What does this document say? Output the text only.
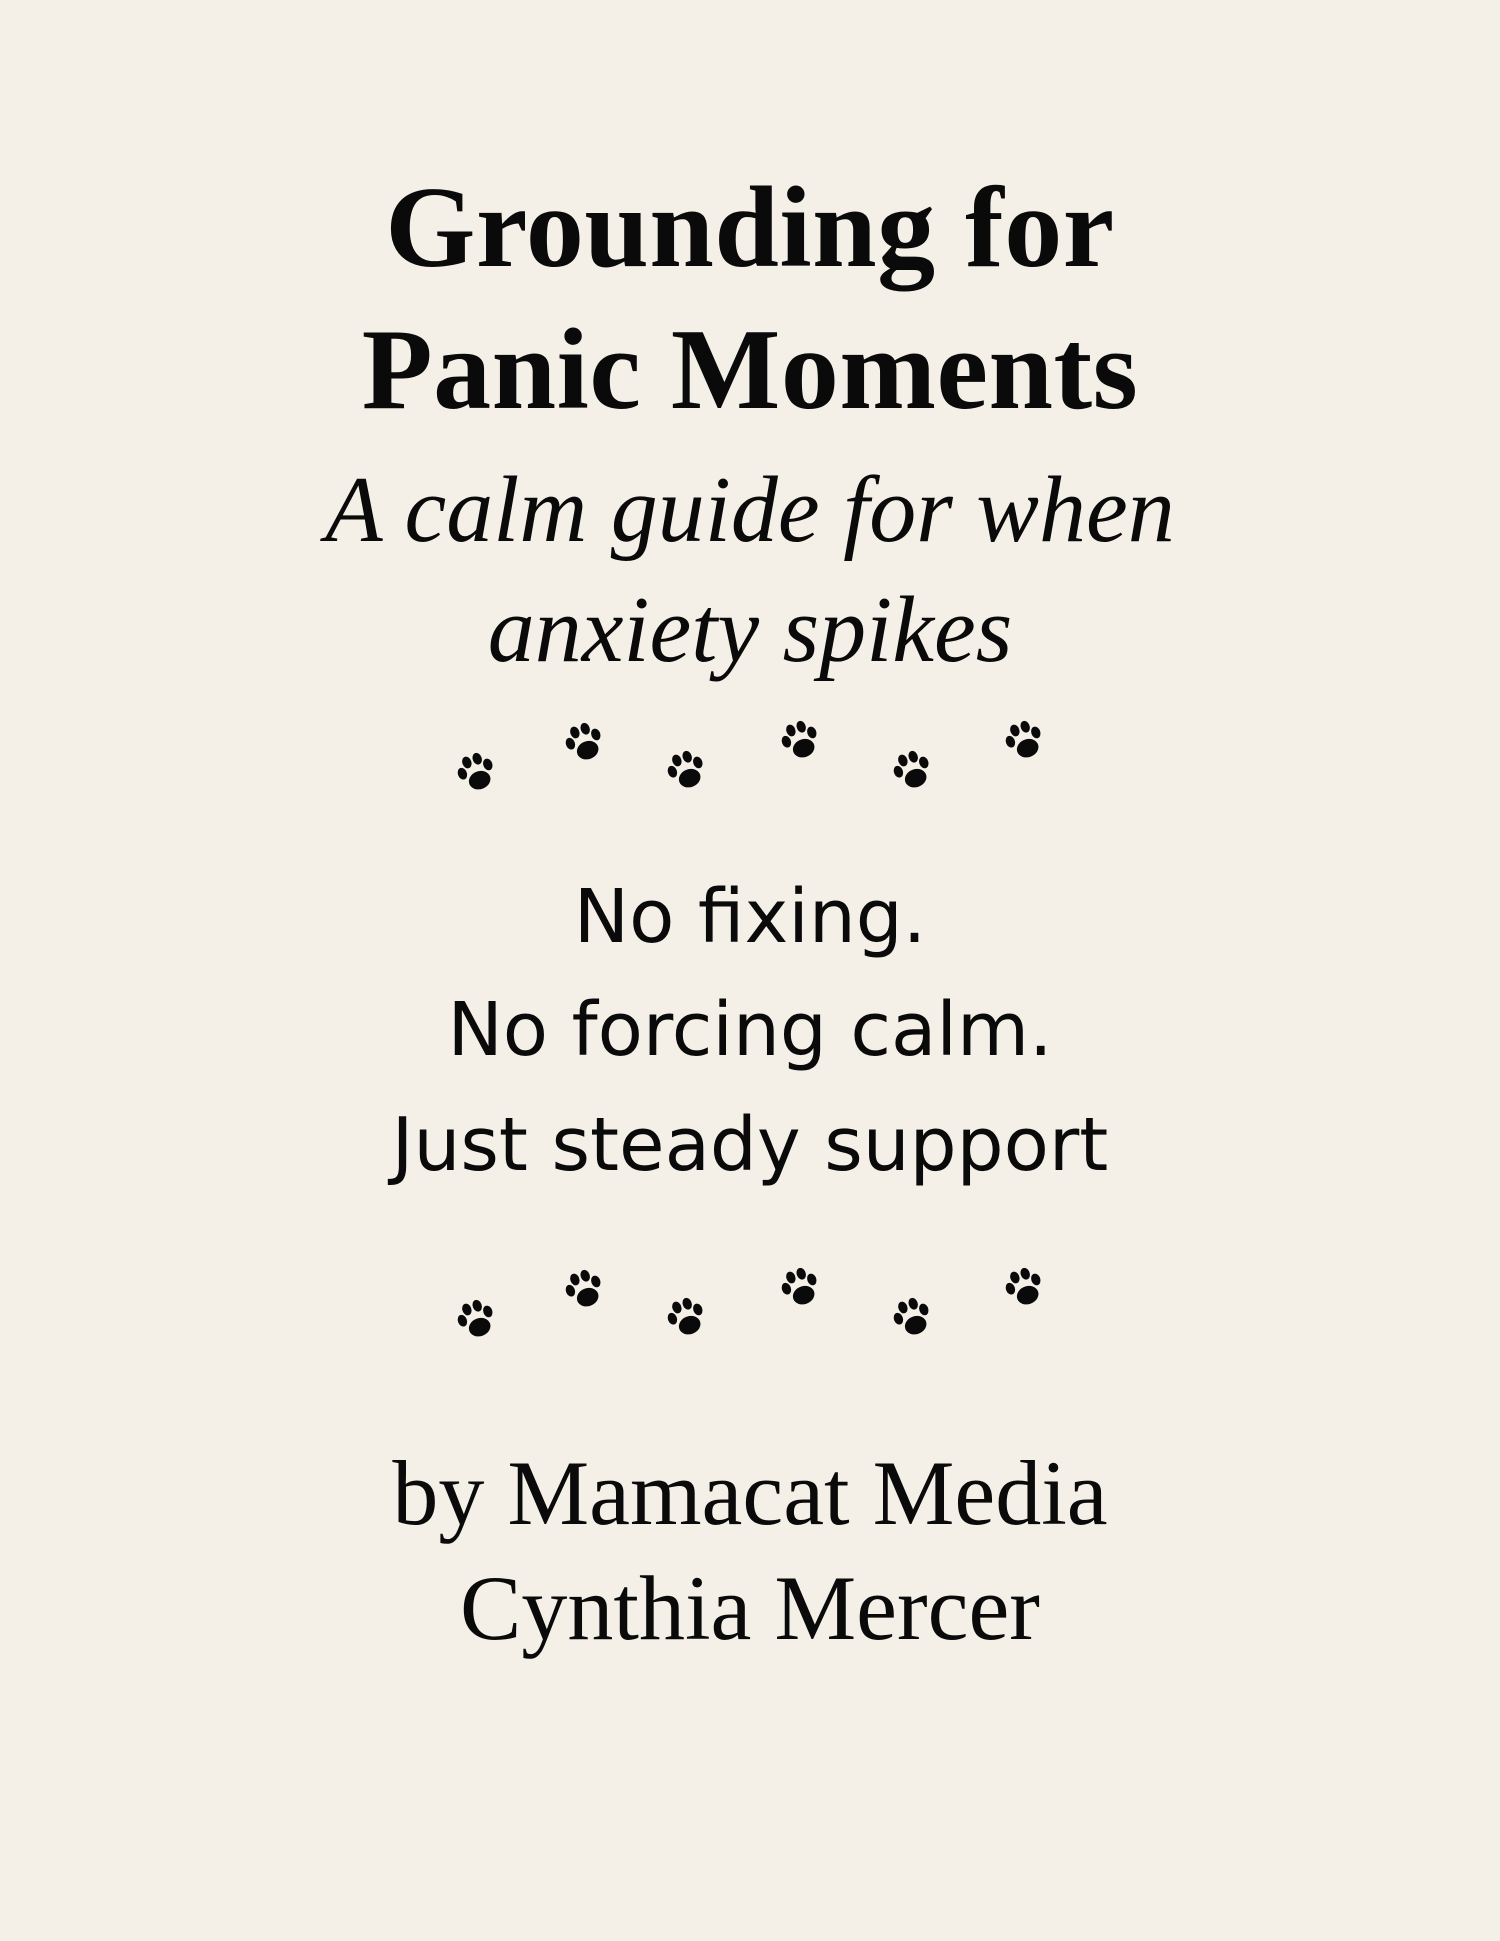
Grounding for
Panic Moments

A calm guide for when

anxiety spikes

No fixing.

No forcing calm.

Just steady support

by Mamacat Media

Cynthia Mercer
